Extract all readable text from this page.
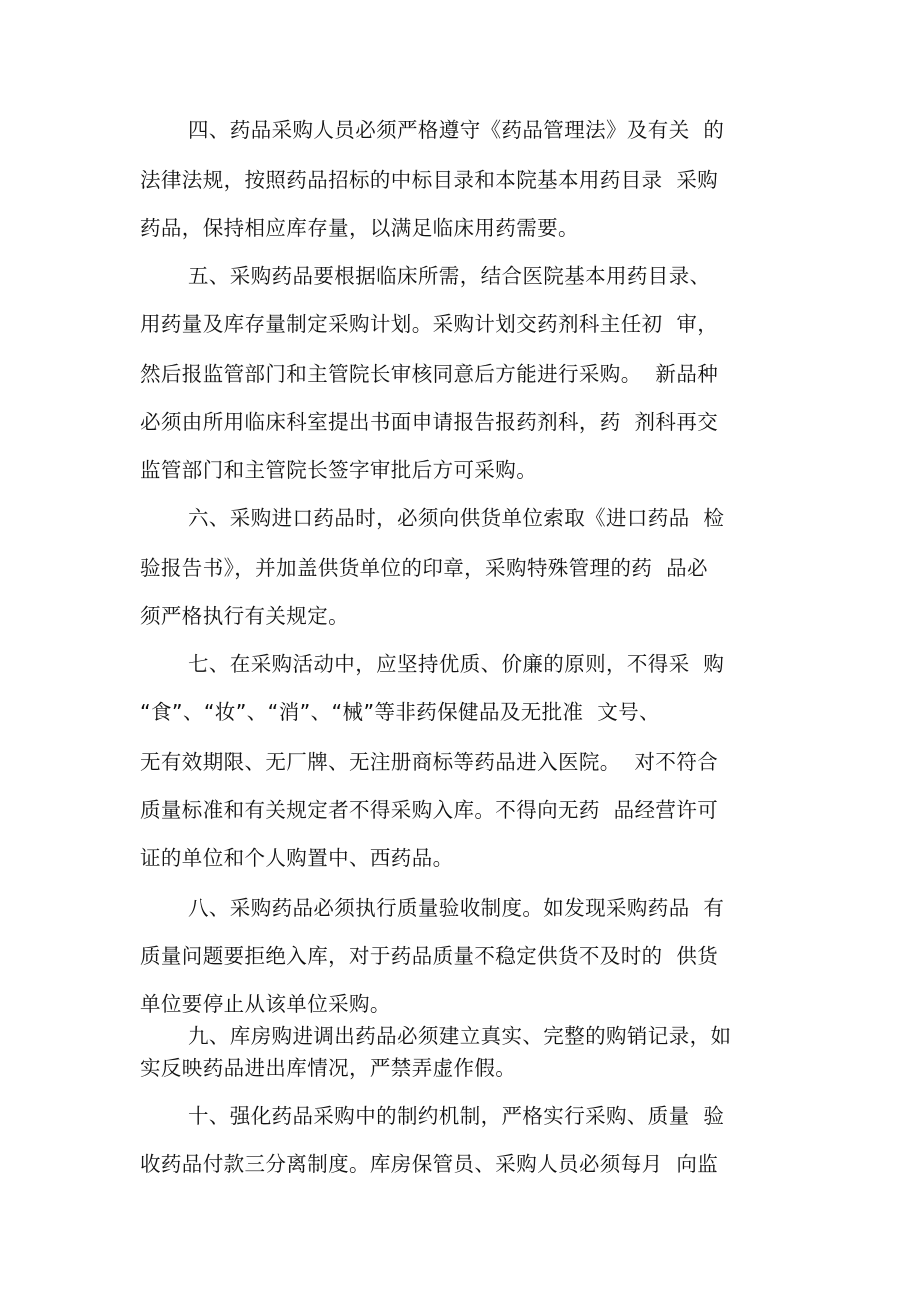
四、药品采购人员必须严格遵守《药品管理法》及有关  的
法律法规，按照药品招标的中标目录和本院基本用药目录  采购
药品，保持相应库存量，以满足临床用药需要。
五、采购药品要根据临床所需，结合医院基本用药目录、
用药量及库存量制定采购计划。采购计划交药剂科主任初  审，
然后报监管部门和主管院长审核同意后方能进行采购。  新品种
必须由所用临床科室提出书面申请报告报药剂科，药  剂科再交
监管部门和主管院长签字审批后方可采购。
六、采购进口药品时，必须向供货单位索取《进口药品  检
验报告书》，并加盖供货单位的印章，采购特殊管理的药  品必
须严格执行有关规定。
七、在采购活动中，应坚持优质、价廉的原则，不得采  购
“食”、“妆”、“消”、“械”等非药保健品及无批准  文号、
无有效期限、无厂牌、无注册商标等药品进入医院。  对不符合
质量标准和有关规定者不得采购入库。不得向无药  品经营许可
证的单位和个人购置中、西药品。
八、采购药品必须执行质量验收制度。如发现采购药品  有
质量问题要拒绝入库，对于药品质量不稳定供货不及时的  供货
单位要停止从该单位采购。
九、库房购进调出药品必须建立真实、完整的购销记录，如
实反映药品进出库情况，严禁弄虚作假。
十、强化药品采购中的制约机制，严格实行采购、质量  验
收药品付款三分离制度。库房保管员、采购人员必须每月  向监
